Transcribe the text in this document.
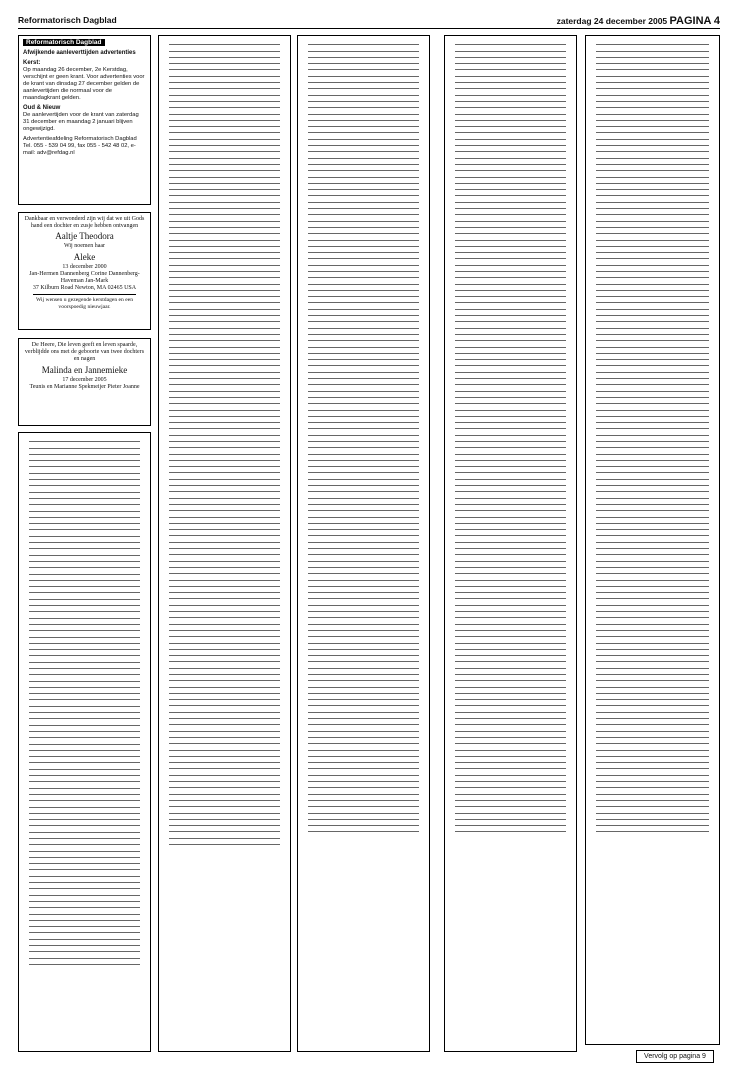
Reformatorisch Dagblad	zaterdag 24 december 2005 PAGINA 4
Reformatorisch Dagblad
Afwijkende aanleverttijden advertenties
Kerst:
Op maandag 26 december, 2e Kerstdag, verschijnt er geen krant. Voor advertenties voor de krant van dinsdag 27 december gelden de aanlevertijden die normaal voor de maandagkrant gelden.
Oud & Nieuw
De aanlevertijden voor de krant van zaterdag 31 december en maandag 2 januari blijven ongewijzigd.
Advertentieafdeling Reformatorisch Dagblad Tel. 055 - 539 04 99, fax 055 - 542 48 02, e-mail: adv@refdag.nl
Dankbaar en verwonderd zijn wij dat we uit Gods hand een dochter en zusje hebben ontvangen
Aaltje Theodora
Wij noemen haar
Aleke
13 december 2000
Jan-Hermen Dannenberg Corine Dannenberg-Haveman Jan-Mark
37 Kilburn Road Newton, MA 02465 USA
Wij wensen u gezegende kerstdagen en een voorspoedig nieuwjaar.
De Heere, Die leven geeft en leven spaarde, verblijdde ons met de geboorte van twee dochters en nagen
Malinda en Jannemieke
17 december 2005
Teunis en Marianne Spekmeijer Pieter Joanne
Vervolg op pagina 9
